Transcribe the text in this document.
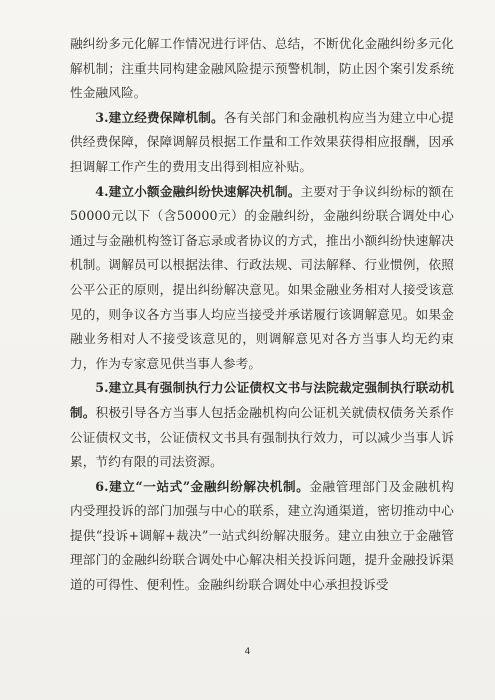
融纠纷多元化解工作情况进行评估、总结，不断优化金融纠纷多元化解机制；注重共同构建金融风险提示预警机制，防止因个案引发系统性金融风险。

3.建立经费保障机制。各有关部门和金融机构应当为建立中心提供经费保障，保障调解员根据工作量和工作效果获得相应报酬，因承担调解工作产生的费用支出得到相应补贴。

4.建立小额金融纠纷快速解决机制。主要对于争议纠纷标的额在50000元以下（含50000元）的金融纠纷，金融纠纷联合调处中心通过与金融机构签订备忘录或者协议的方式，推出小额纠纷快速解决机制。调解员可以根据法律、行政法规、司法解释、行业惯例，依照公平公正的原则，提出纠纷解决意见。如果金融业务相对人接受该意见的，则争议各方当事人均应当接受并承诺履行该调解意见。如果金融业务相对人不接受该意见的，则调解意见对各方当事人均无约束力，作为专家意见供当事人参考。

5.建立具有强制执行力公证债权文书与法院裁定强制执行联动机制。积极引导各方当事人包括金融机构向公证机关就债权债务关系作公证债权文书，公证债权文书具有强制执行效力，可以减少当事人诉累，节约有限的司法资源。

6.建立“一站式”金融纠纷解决机制。金融管理部门及金融机构内受理投诉的部门加强与中心的联系，建立沟通渠道，密切推动中心提供“投诉+调解+裁决”一站式纠纷解决服务。建立由独立于金融管理部门的金融纠纷联合调处中心解决相关投诉问题，提升金融投诉渠道的可得性、便利性。金融纠纷联合调处中心承担投诉受

4
